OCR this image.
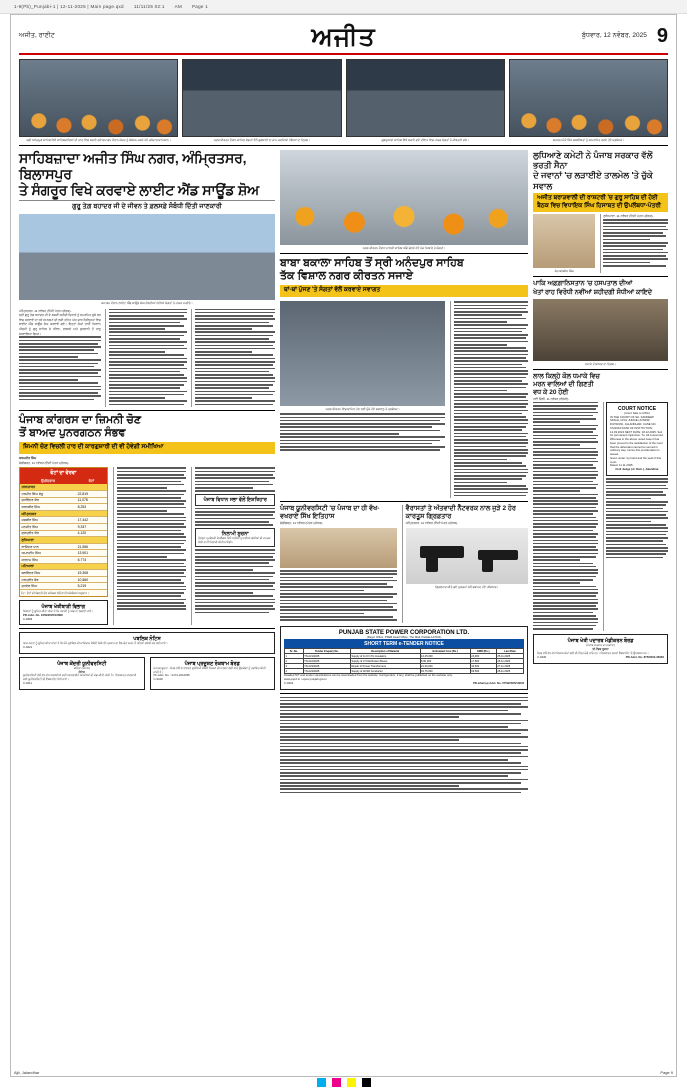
1-9(Pb)_Punjabi-1 | 12-11-2025 | Main page.qxd 11/11/25 02:1 AM Page 1
ਅਜੀਤ, ਰਾਣੀਟ	ਅਜੀਤ	ਬੁੱਧਵਾਰ, 12 ਨਵੰਬਰ, 2025 9
ਸ੍ਰੀ ਅਨੰਦਪੁਰ ਸਾਹਿਬ ਵਿਖੇ ਸਾਹਿਬਜ਼ਾਦਿਆਂ ਦੀ ਯਾਦ ਵਿਚ ਸਜਾਏ ਗਏ ਸਮਾਗਮ ਦੌਰਾਨ ਸੰਗਤ ਨੂੰ ਸੰਬੋਧਨ ਕਰਦੇ ਹੋਏ ਜਥੇਦਾਰ ਸਾਹਿਬਾਨ।	ਨਗਰ ਕੀਰਤਨ ਦੌਰਾਨ ਸ਼ਾਮਿਲ ਸੰਗਤਾਂ ਵੱਲੋਂ ਗੁਰਬਾਣੀ ਦਾ ਜਾਪ ਕਰਦਿਆਂ ਹੋਇਆਂ ਦਾ ਦ੍ਰਿਸ਼।	ਗੁਰਦੁਆਰਾ ਸਾਹਿਬ ਵਿਖੇ ਸਜਾਏ ਗਏ ਦੀਵਾਨ ਵਿਚ ਹਾਜ਼ਰ ਸੰਗਤਾਂ ਤੇ ਕੀਰਤਨੀ ਜਥੇ।	ਸਮਾਗਮ ਮੌਕੇ ਸਿੱਖ ਸ਼ਖ਼ਸੀਅਤਾਂ ਨੂੰ ਸਨਮਾਨਿਤ ਕਰਦੇ ਹੋਏ ਪ੍ਰਬੰਧਕ।
ਸਾਹਿਬਜ਼ਾਦਾ ਅਜੀਤ ਸਿੰਘ ਨਗਰ, ਅੰਮ੍ਰਿਤਸਰ, ਬਿਲਾਸਪੁਰ
ਤੇ ਸੰਗਰੂਰ ਵਿਖੇ ਕਰਵਾਏ ਲਾਈਟ ਐਂਡ ਸਾਊਂਡ ਸ਼ੋਅ
ਗੁਰੂ ਤੇਗ਼ ਬਹਾਦਰ ਜੀ ਦੇ ਜੀਵਨ ਤੇ ਫ਼ਲਸਫ਼ੇ ਸੰਬੰਧੀ ਦਿੱਤੀ ਜਾਣਕਾਰੀ
ਸਮਾਗਮ ਦੌਰਾਨ ਲਾਈਟ ਐਂਡ ਸਾਊਂਡ ਸ਼ੋਅ ਦੇਖਦੀਆਂ ਹੋਈਆਂ ਸੰਗਤਾਂ ਤੇ ਹਾਜ਼ਰ ਪਤਵੰਤੇ।
ਅੰਮ੍ਰਿਤਸਰ, 11 ਨਵੰਬਰ (ਨਿੱਜੀ ਪੱਤਰ ਪ੍ਰੇਰਕ)-
ਸ੍ਰੀ ਗੁਰੂ ਤੇਗ਼ ਬਹਾਦਰ ਜੀ ਦੇ 350ਵੇਂ ਸ਼ਹੀਦੀ ਦਿਹਾੜੇ ਨੂੰ ਸਮਰਪਿਤ ਸੂਬੇ ਭਰ ਵਿਚ ਕਰਵਾਏ ਜਾ ਰਹੇ ਸਮਾਗਮਾਂ ਦੀ ਲੜੀ ਤਹਿਤ ਅੱਜ ਚਾਰ ਜ਼ਿਲ੍ਹਿਆਂ ਵਿਚ ਲਾਈਟ ਐਂਡ ਸਾਊਂਡ ਸ਼ੋਅ ਕਰਵਾਏ ਗਏ। ਇਨ੍ਹਾਂ ਸ਼ੋਆਂ ਰਾਹੀਂ ਨੌਜਵਾਨ ਪੀੜ੍ਹੀ ਨੂੰ ਗੁਰੂ ਸਾਹਿਬ ਦੇ ਜੀਵਨ, ਫ਼ਲਸਫ਼ੇ ਅਤੇ ਕੁਰਬਾਨੀ ਤੋਂ ਜਾਣੂ ਕਰਵਾਇਆ ਗਿਆ।
ਪੰਜਾਬ ਕਾਂਗਰਸ ਦਾ ਜ਼ਿਮਨੀ ਚੋਣ
ਤੋਂ ਬਾਅਦ ਪੁਨਰਗਠਨ ਸੰਭਵ
ਜ਼ਿਮਨੀ ਚੋਣ ਵਿਚਲੀ ਹਾਰ ਦੀ ਕਾਰਗੁਜ਼ਾਰੀ ਦੀ ਵੀ ਹੋਵੇਗੀ ਸਮੀਖਿਆ
ਕਰਮਜੀਤ ਸਿੰਘ
ਚੰਡੀਗੜ੍ਹ, 11 ਨਵੰਬਰ (ਨਿੱਜੀ ਪੱਤਰ ਪ੍ਰੇਰਕ)-
ਵੋਟਾਂ ਦਾ ਵੇਰਵਾ
ਉਮੀਦਵਾਰ	ਵੋਟਾਂ
ਤਰਨਤਾਰਨ	
ਹਰਮੀਤ ਸਿੰਘ ਸੰਧੂ	22,819
ਸੁਖਵਿੰਦਰ ਕੌਰ	11,078
ਕਰਨਬੀਰ ਸਿੰਘ	8,253
ਅੰਮ੍ਰਿਤਸਰ	
ਜਸਬੀਰ ਸਿੰਘ	17,442
ਮਨਜੀਤ ਸਿੰਘ	9,337
ਗੁਰਪ੍ਰੀਤ ਕੌਰ	4,120
ਲੁਧਿਆਣਾ	
ਰਾਜਿੰਦਰ ਪਾਲ	21,556
ਅਮਨਦੀਪ ਸਿੰਘ	13,901
ਸਤਨਾਮ ਸਿੰਘ	6,774
ਪਟਿਆਲਾ	
ਬਲਵਿੰਦਰ ਸਿੰਘ	19,308
ਹਰਪ੍ਰੀਤ ਕੌਰ	10,560
ਸੁਖਦੇਵ ਸਿੰਘ	5,219
ਨੋਟ : ਵੋਟਾਂ ਦੀ ਗਿਣਤੀ ਚੋਣ ਕਮਿਸ਼ਨ ਵੱਲੋਂ ਜਾਰੀ ਅੰਕੜਿਆਂ ਅਨੁਸਾਰ।
ਪੰਜਾਬ ਖੇਤੀਬਾੜੀ ਵਿਭਾਗ
ਕਿਸਾਨਾਂ ਨੂੰ ਸੂਚਿਤ ਕੀਤਾ ਜਾਂਦਾ ਹੈ ਕਿ ਪਰਾਲੀ ਨੂੰ ਅੱਗ ਨਾ ਲਗਾਈ ਜਾਵੇ।
PR-Advt. No. 0459/2025/10898
C-9399
ਪੰਜਾਬ ਵਿਧਾਨ ਸਭਾ ਵੱਲੋਂ ਇਸ਼ਤਿਹਾਰ
ਨਿਲਾਮੀ ਸੂਚਨਾ
ਜ਼ਿਲ੍ਹਾ ਪ੍ਰਬੰਧਕੀ ਕੰਪਲੈਕਸ ਵਿਖੇ ਪਈਆਂ ਪੁਰਾਣੀਆਂ ਗੱਡੀਆਂ ਦੀ ਜਨਤਕ ਬੋਲੀ ਰਾਹੀਂ ਨਿਲਾਮੀ ਕੀਤੀ ਜਾਵੇਗੀ।
ਪਬਲਿਕ ਨੋਟਿਸ
ਆਮ ਜਨਤਾ ਨੂੰ ਸੂਚਿਤ ਕੀਤਾ ਜਾਂਦਾ ਹੈ ਕਿ ਮੇਰੇ ਮੁਵੱਕਿਲ ਦੀ ਜਾਇਦਾਦ ਸੰਬੰਧੀ ਕਿਸੇ ਵੀ ਪ੍ਰਕਾਰ ਦਾ ਲੈਣ-ਦੇਣ ਕਰਨ ਤੋਂ ਪਹਿਲਾਂ ਤਸੱਲੀ ਕਰ ਲਈ ਜਾਵੇ।
C-9421
ਪੰਜਾਬ ਕੇਂਦਰੀ ਯੂਨੀਵਰਸਿਟੀ
ਬਠਿੰਡਾ (ਪੰਜਾਬ)
ਨੋਟਿਸ
ਯੂਨੀਵਰਸਿਟੀ ਵੱਲੋਂ ਵੱਖ-ਵੱਖ ਅਸਾਮੀਆਂ ਲਈ ਆਨਲਾਈਨ ਅਰਜ਼ੀਆਂ ਦੀ ਮੰਗ ਕੀਤੀ ਜਾਂਦੀ ਹੈ। ਵਿਸਥਾਰਤ ਜਾਣਕਾਰੀ ਲਈ ਯੂਨੀਵਰਸਿਟੀ ਦੀ ਵੈੱਬਸਾਈਟ ਵੇਖੀ ਜਾਵੇ।
C-9411
ਪੰਜਾਬ ਪ੍ਰਦੂਸ਼ਣ ਰੋਕਥਾਮ ਬੋਰਡ
ਜਨਤਕ ਸੂਚਨਾ : ਬੋਰਡ ਵੱਲੋਂ ਵਾਤਾਵਰਣ ਸੁਰੱਖਿਆ ਸੰਬੰਧੀ ਨਿਯਮਾਂ ਦੀ ਪਾਲਣਾ ਲਈ ਸਾਰੇ ਉਦਯੋਗਾਂ ਨੂੰ ਹਦਾਇਤ ਕੀਤੀ ਜਾਂਦੀ ਹੈ।
Ph-Advt. No. : 0172-2212345
C-9418
ਨਗਰ ਕੀਰਤਨ ਦੌਰਾਨ ਪਾਲਕੀ ਸਾਹਿਬ ਅੱਗੇ ਚੱਲਦੇ ਹੋਏ ਪੰਜ ਪਿਆਰੇ ਤੇ ਸੰਗਤਾਂ।
ਬਾਬਾ ਬਕਾਲਾ ਸਾਹਿਬ ਤੋਂ ਸ੍ਰੀ ਅਨੰਦਪੁਰ ਸਾਹਿਬ
ਤੱਕ ਵਿਸ਼ਾਲ ਨਗਰ ਕੀਰਤਨ ਸਜਾਏ
ਥਾਂ-ਥਾਂ ਪੁੱਜਣ 'ਤੇ ਸੰਗਤਾਂ ਵੱਲੋਂ ਕਰਵਾਏ ਸਵਾਗਤ
ਨਗਰ ਕੀਰਤਨ ਵਿਚ ਸ਼ਾਮਿਲ ਹੋਣ ਲਈ ਪੁੱਜੇ ਹੋਏ ਸ਼ਰਧਾਲੂ ਤੇ ਪ੍ਰਬੰਧਕ।
ਪੰਜਾਬ ਯੂਨੀਵਰਸਿਟੀ 'ਚ ਪੰਜਾਬ ਦਾ ਹੀ ਵੱਖ-ਵਖਰਾਏ ਸਿੱਖ ਇਤਿਹਾਸ
ਚੰਡੀਗੜ੍ਹ, 11 ਨਵੰਬਰ (ਪੱਤਰ ਪ੍ਰੇਰਕ)-
ਵੈਰਾਸਤਾਂ ਤੇ ਅੱਤਵਾਦੀ ਨੈੱਟਵਰਕ ਨਾਲ ਜੁੜੇ 2 ਹੋਰ ਕਾਰਤੂਸ ਗ੍ਰਿਫ਼ਤਾਰ
ਅੰਮ੍ਰਿਤਸਰ, 11 ਨਵੰਬਰ (ਨਿੱਜੀ ਪੱਤਰ ਪ੍ਰੇਰਕ)-
ਗ੍ਰਿਫ਼ਤਾਰ ਕੀਤੇ ਗਏ ਮੁਲਜ਼ਮਾਂ ਕੋਲੋਂ ਬਰਾਮਦ ਹੋਏ ਹਥਿਆਰ।
PUNJAB STATE POWER CORPORATION LTD.
(Regd. Office: PSEB Head Office, The Mall, Patiala-147001)
SHORT TERM e-TENDER NOTICE
Sr. No.	Tender Enquiry No.	Description of Material	Estimated Cost (Rs.)	EMD (Rs.)	Last Date
1	TN-221/2025	Supply of 11 KV Pin Insulators	12,45,000	24,900	25.11.2025
2	TN-222/2025	Supply of LT Distribution Boxes	8,90,000	17,800	25.11.2025
3	TN-223/2025	Repair of Power Transformers	21,30,000	42,600	27.11.2025
4	TN-224/2025	Supply of ACSR Conductor	34,75,000	69,500	28.11.2025
Detailed NIT and tender specifications can be downloaded from the website. Corrigendum, if any, shall be published on the website only.
www.pspcl.in / eproc.punjab.gov.in
C-9403	PR-&hairsp;Advt. No. 0759/2025/10843
ਲੁਧਿਆਣੇ ਕਮੇਟੀ ਨੇ ਪੰਜਾਬ ਸਰਕਾਰ ਵੱਲੋਂ ਭਰਤੀ ਸੈਨਾ
ਦੇ ਜਵਾਨਾਂ 'ਚ ਲੜਾਈਏ ਤਾਲਮੇਲ 'ਤੇ ਚੁੱਕੇ ਸਵਾਲ
ਅਜੀਤ ਬਰਾੜਵਾਲੀ ਦੀ ਰਾਸ਼ਟਰੀ 'ਚ ਗੁਰੂ ਸਾਹਿਬ ਦੀ ਹੋਈ ਬੈਠਕ ਵਿਚ ਵਿਧਾਇਕ ਸਿੰਘ ਹਿਸਾਬਤ ਦੀ ਉਪਲੱਬਧਾ-ਪੱਤਰੀ
ਸੰਤ ਬਲਬੀਰ ਸਿੰਘ
ਲੁਧਿਆਣਾ, 11 ਨਵੰਬਰ (ਨਿੱਜੀ ਪੱਤਰ ਪ੍ਰੇਰਕ)-
ਪਾਕਿ ਅਫ਼ਗ਼ਾਨਿਸਤਾਨ 'ਚ ਹਸਪਤਾਲ ਦੀਆਂ
ਖੇਤਾਂ ਰਾਹ ਵਿਰੋਧੀ ਨਵੀਂਆਂ ਸ਼ਹੀਦਗੀ ਸੰਧੀਆਂ ਕਾਇਦੇ
ਧਮਾਕੇ ਤੋਂ ਬਾਅਦ ਦਾ ਦ੍ਰਿਸ਼।
ਲਾਲ ਕਿਲ੍ਹੇ ਕੋਲ ਧਮਾਕੇ ਵਿਚ
ਮਰਨ ਵਾਲਿਆਂ ਦੀ ਗਿਣਤੀ
ਵਧ ਕੇ 20 ਹੋਈ
ਨਵੀਂ ਦਿੱਲੀ, 11 ਨਵੰਬਰ (ਏਜੰਸੀ)-
COURT NOTICE
(Court Sale to CWC)
IN THE COURT OF SH. SANDEEP SINGH, CIVIL JUDGE (JUNIOR DIVISION), JALANDHAR. CASE NO. CS/2024 DATE OF INSTITUTION: 12.03.2024 NEXT DATE: 18.12.2025. Suit for permanent injunction. To: All concerned. Whereas in the above noted case it has been proved to the satisfaction of the court that the defendant cannot be served in ordinary way, hence this proclamation is issued.
Given under my hand and the seal of this court.
Dated: 11.11.2025
Civil Judge (Jr. Divn.), Jalandhar
ਪੰਜਾਬ ਖੇਤੀ ਪਦਾਰਥ ਮੰਡੀਕਰਨ ਬੋਰਡ
(ਪੰਜਾਬ ਸਰਕਾਰ ਦਾ ਅਦਾਰਾ)
ਈ-ਟੈਂਡਰ ਸੂਚਨਾ
ਬੋਰਡ ਵੱਲੋਂ ਵੱਖ-ਵੱਖ ਵਿਕਾਸ ਕੰਮਾਂ ਲਈ ਈ-ਟੈਂਡਰ ਮੰਗੇ ਜਾਂਦੇ ਹਨ। ਵਿਸਥਾਰਤ ਸ਼ਰਤਾਂ ਵੈੱਬਸਾਈਟ 'ਤੇ ਉਪਲਬਧ ਹਨ।
C-9430	PR-Advt. No. 875/0002-36984
Ajit, Jalandhar	Page 9
